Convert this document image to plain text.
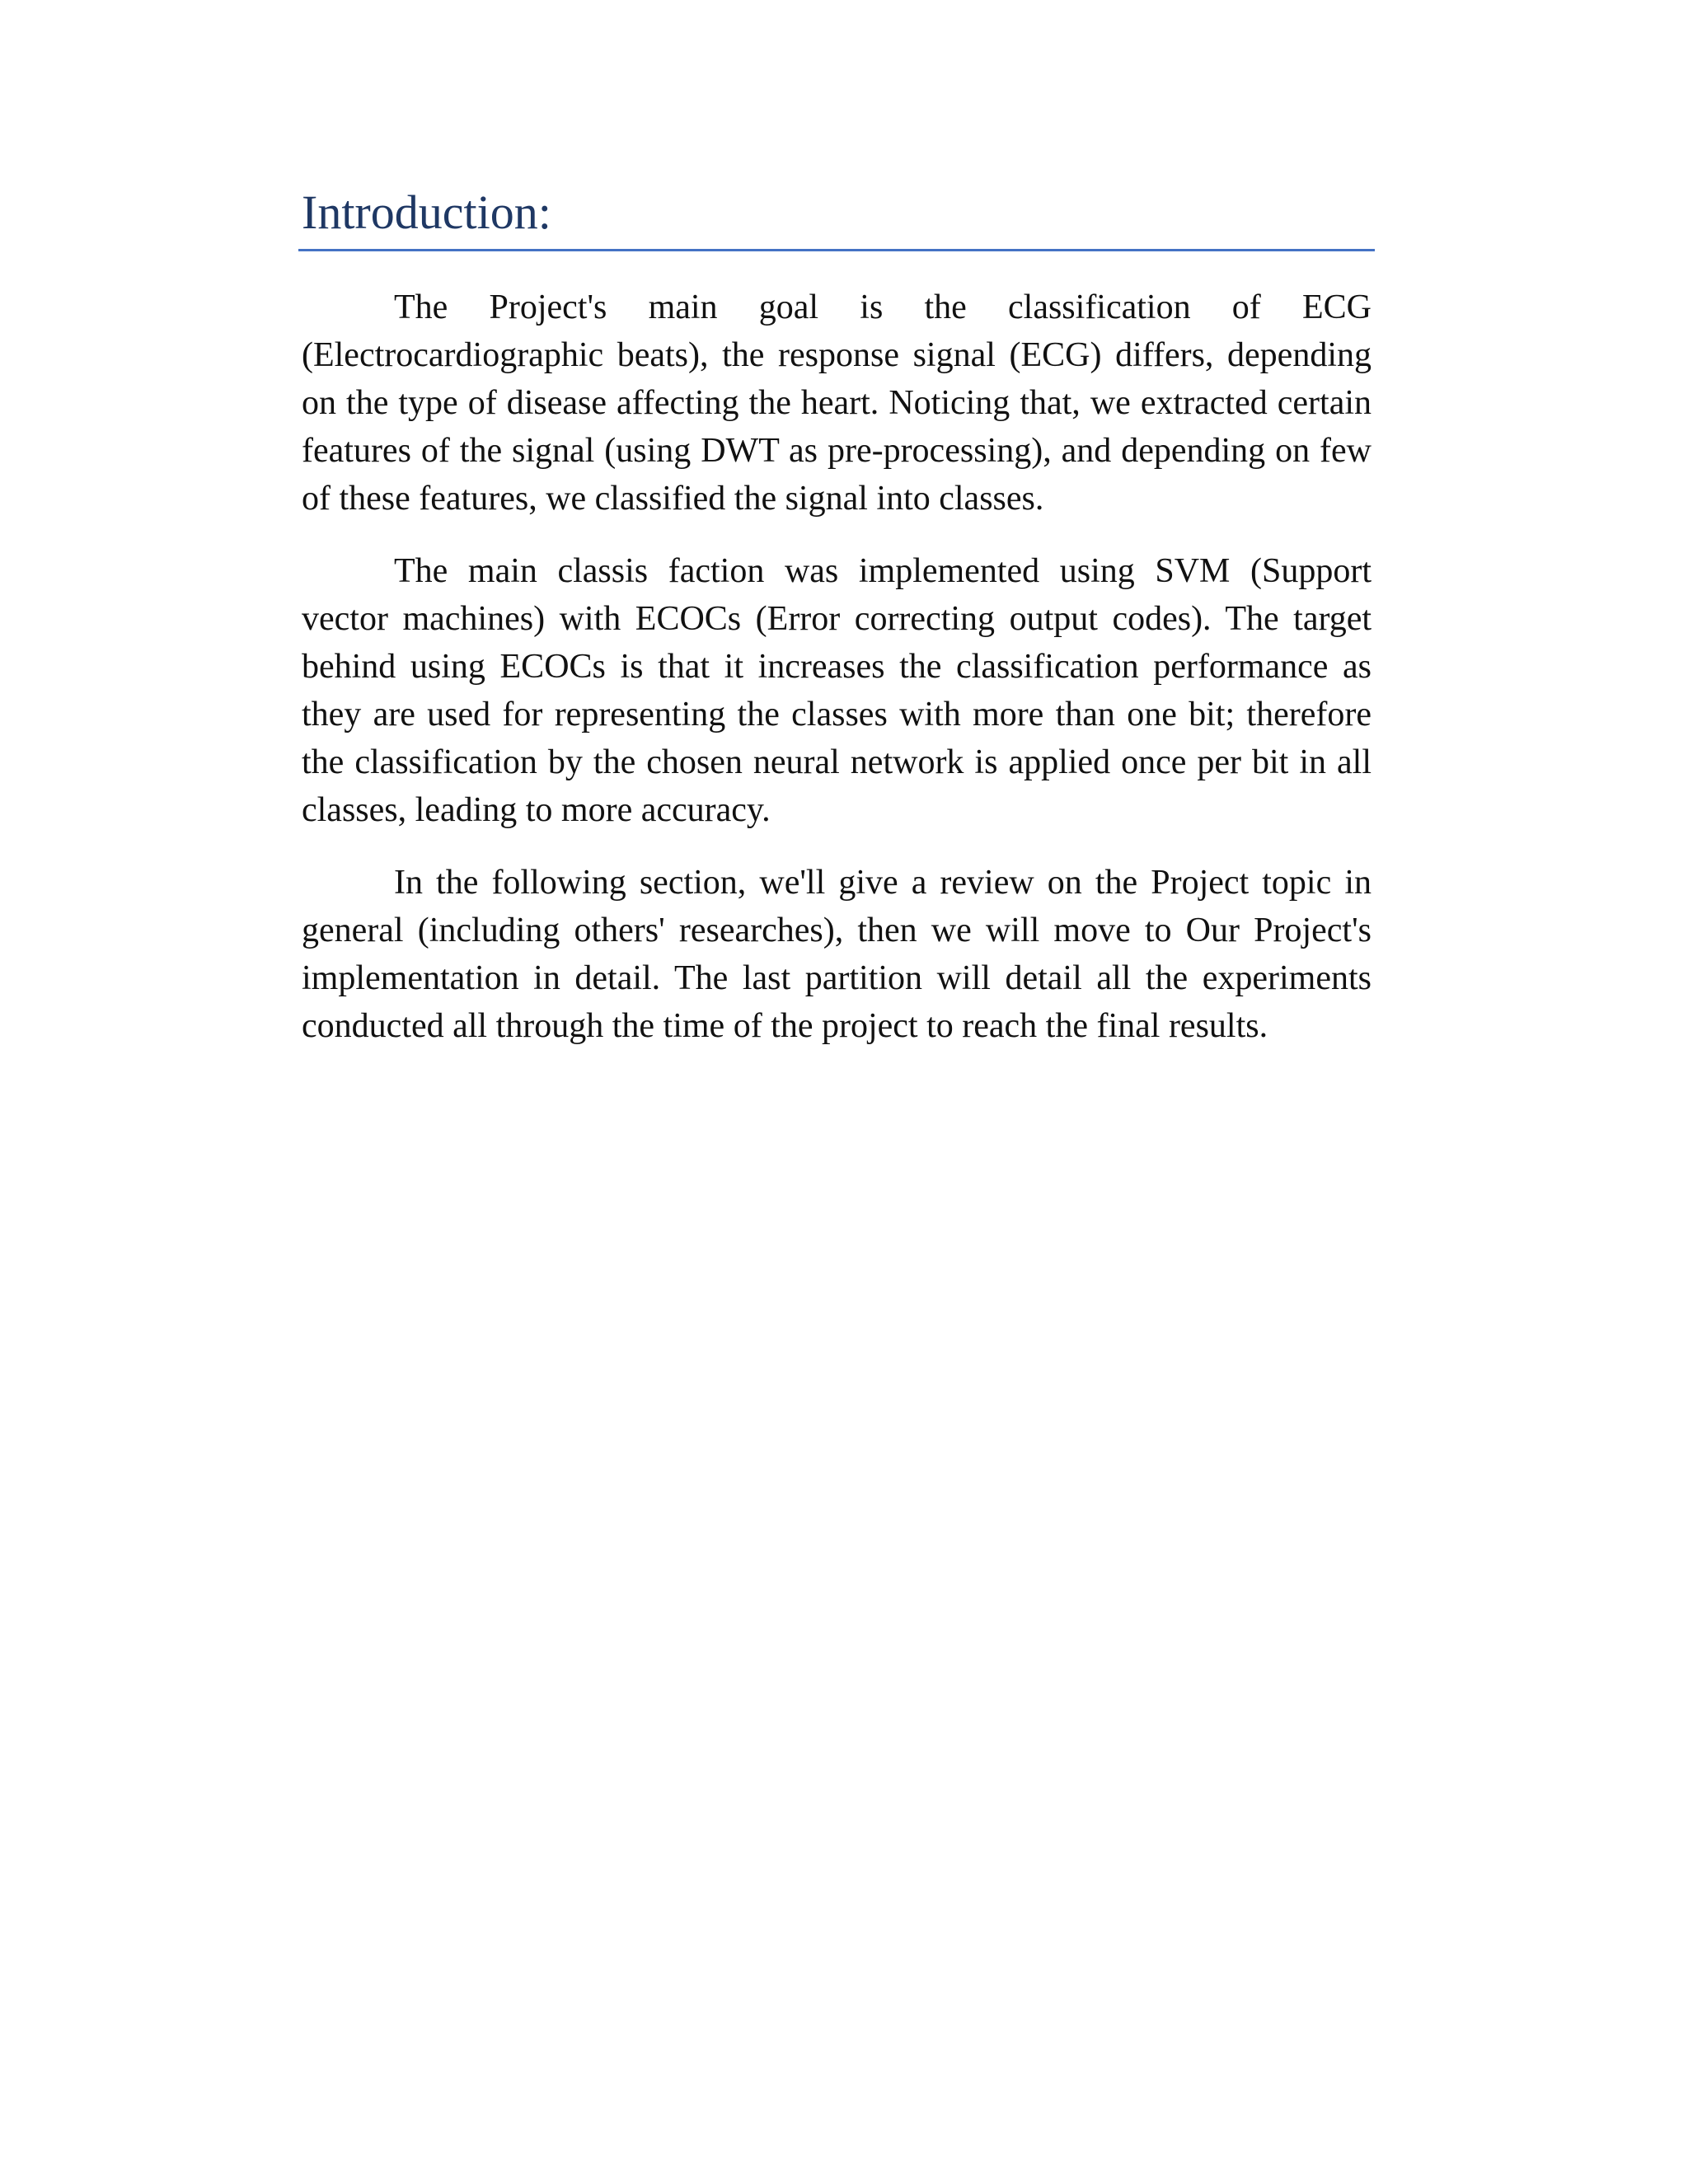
Introduction:

The Project's main goal is the classification of ECG (Electrocardiographic beats), the response signal (ECG) differs, depending on the type of disease affecting the heart. Noticing that, we extracted certain features of the signal (using DWT as pre-processing), and depending on few of these features, we classified the signal into classes.

The main classis faction was implemented using SVM (Support vector machines) with ECOCs (Error correcting output codes). The target behind using ECOCs is that it increases the classification performance as they are used for representing the classes with more than one bit; therefore the classification by the chosen neural network is applied once per bit in all classes, leading to more accuracy.

In the following section, we'll give a review on the Project topic in general (including others' researches), then we will move to Our Project's implementation in detail. The last partition will detail all the experiments conducted all through the time of the project to reach the final results.
